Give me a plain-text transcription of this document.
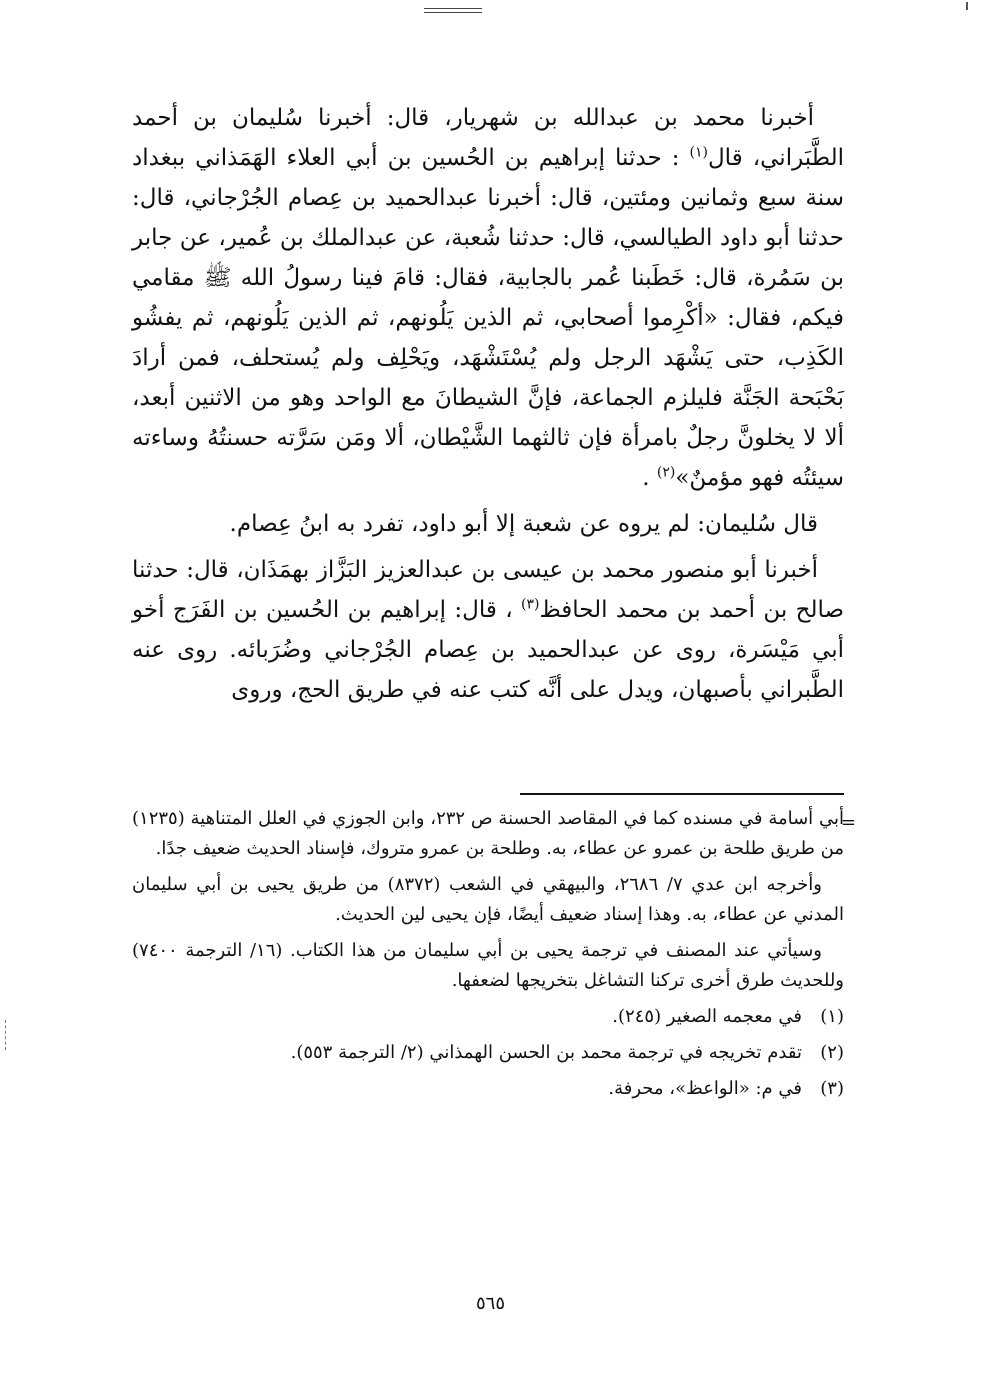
أخبرنا محمد بن عبدالله بن شهريار، قال: أخبرنا سُليمان بن أحمد الطَّبَراني، قال$^{(١)}$ : حدثنا إبراهيم بن الحُسين بن أبي العلاء الهَمَذاني ببغداد سنة سبع وثمانين ومئتين، قال: أخبرنا عبدالحميد بن عِصام الجُرْجاني، قال: حدثنا أبو داود الطيالسي، قال: حدثنا شُعبة، عن عبدالملك بن عُمير، عن جابر بن سَمُرة، قال: خَطَبنا عُمر بالجابية، فقال: قامَ فينا رسولُ الله ﷺ مقامي فيكم، فقال: «أكْرِموا أصحابي، ثم الذين يَلُونهم، ثم الذين يَلُونهم، ثم يفشُو الكَذِب، حتى يَشْهَد الرجل ولم يُسْتَشْهَد، ويَحْلِف ولم يُستحلف، فمن أرادَ بَحْبَحة الجَنَّة فليلزم الجماعة، فإنَّ الشيطانَ مع الواحد وهو من الاثنين أبعد، ألا لا يخلونَّ رجلٌ بامرأة فإن ثالثهما الشَّيْطان، ألا ومَن سَرَّته حسنتُهُ وساءته سيئتُه فهو مؤمنٌ»$^{(٢)}$ .

قال سُليمان: لم يروه عن شعبة إلا أبو داود، تفرد به ابنُ عِصام.

أخبرنا أبو منصور محمد بن عيسى بن عبدالعزيز البَزَّاز بهمَذَان، قال: حدثنا صالح بن أحمد بن محمد الحافظ$^{(٣)}$ ، قال: إبراهيم بن الحُسين بن الفَرَج أخو أبي مَيْسَرة، روى عن عبدالحميد بن عِصام الجُرْجاني وضُرَبائه. روى عنه الطَّبراني بأصبهان، ويدل على أنَّه كتب عنه في طريق الحج، وروى

=
أبي أسامة في مسنده كما في المقاصد الحسنة ص ٢٣٢، وابن الجوزي في العلل المتناهية (١٢٣٥) من طريق طلحة بن عمرو عن عطاء، به. وطلحة بن عمرو متروك، فإسناد الحديث ضعيف جدًا.

وأخرجه ابن عدي ٧/ ٢٦٨٦، والبيهقي في الشعب (٨٣٧٢) من طريق يحيى بن أبي سليمان المدني عن عطاء، به. وهذا إسناد ضعيف أيضًا، فإن يحيى لين الحديث.

وسيأتي عند المصنف في ترجمة يحيى بن أبي سليمان من هذا الكتاب. (١٦/ الترجمة ٧٤٠٠) وللحديث طرق أخرى تركنا التشاغل بتخريجها لضعفها.

(١)في معجمه الصغير (٢٤٥).

(٢)تقدم تخريجه في ترجمة محمد بن الحسن الهمذاني (٢/ الترجمة ٥٥٣).

(٣)في م: «الواعظ»، محرفة.

٥٦٥
